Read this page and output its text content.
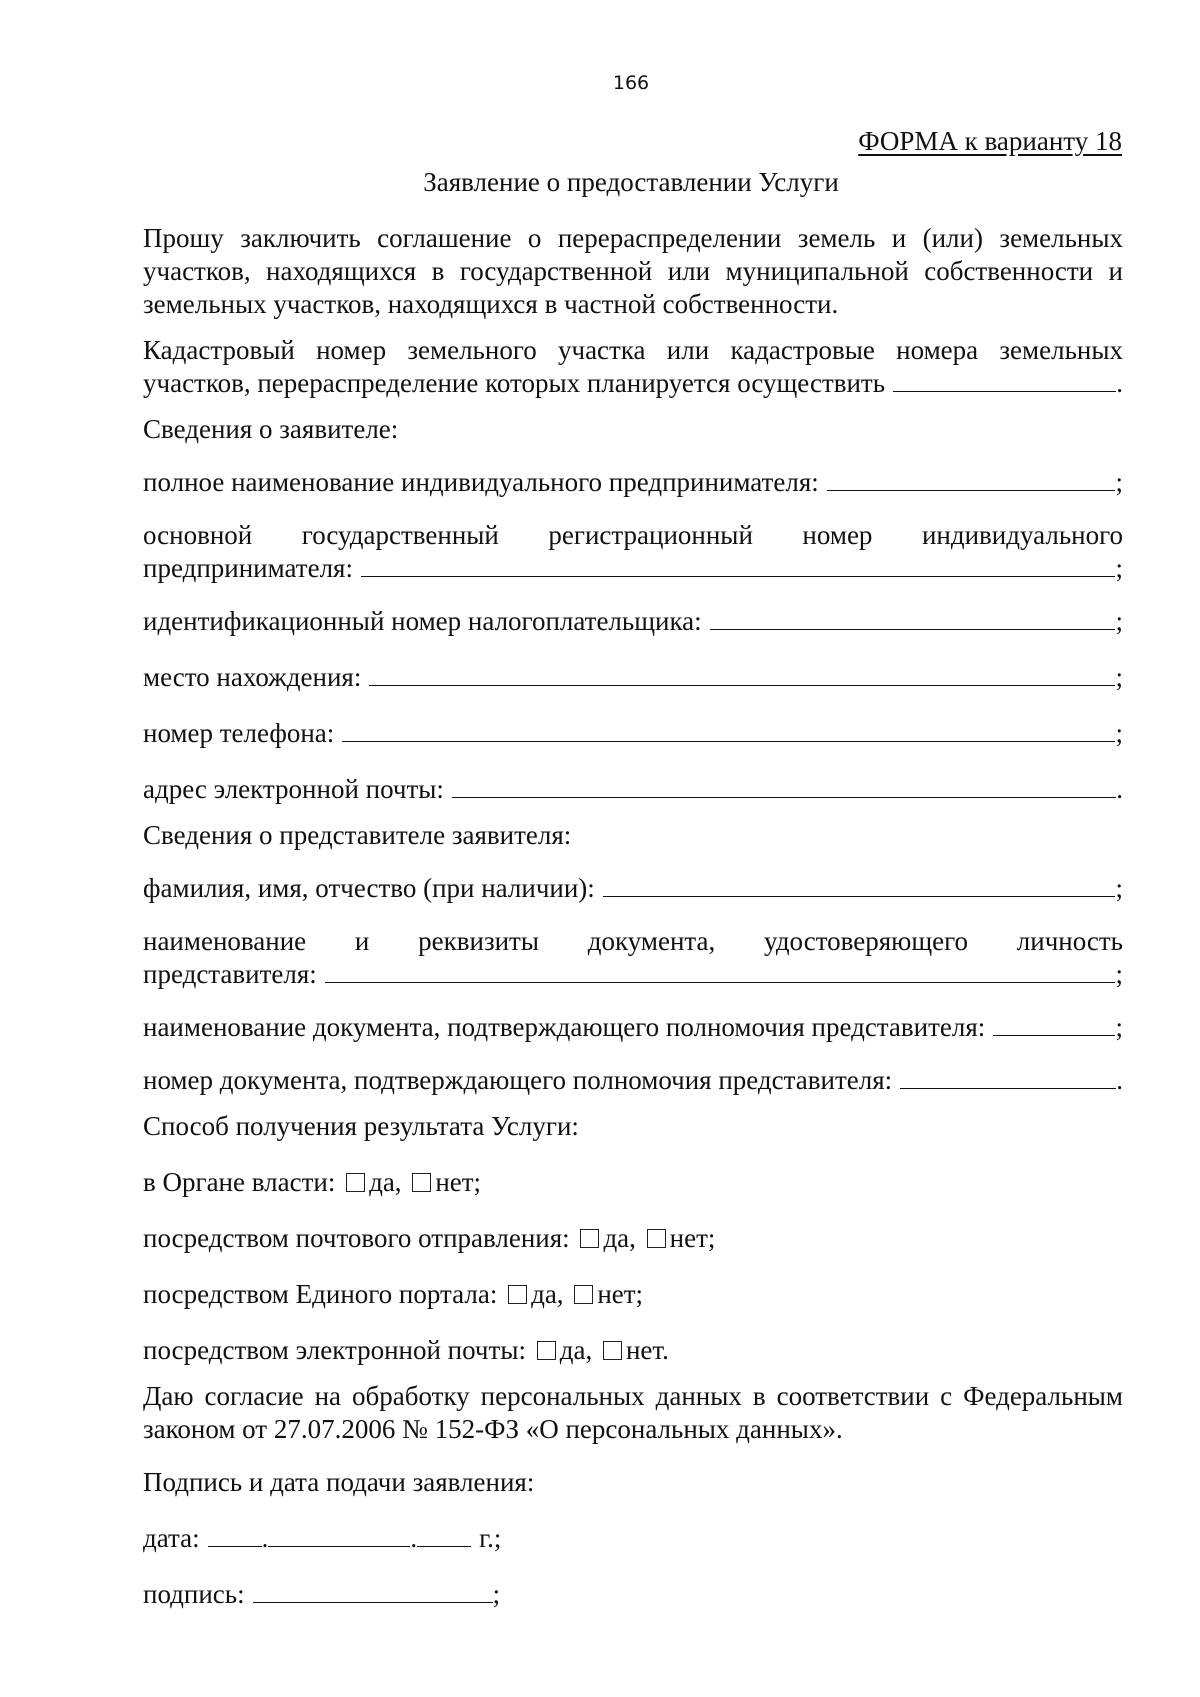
166
ФОРМА к варианту 18
Заявление о предоставлении Услуги

Прошу заключить соглашение о перераспределении земель и (или) земельных участков, находящихся в государственной или муниципальной собственности и земельных участков, находящихся в частной собственности.

Кадастровый номер земельного участка или кадастровые номера земельных
участков, перераспределение которых планируется осуществить	.
Сведения о заявителе:
полное наименование индивидуального предпринимателя:	;
основной государственный регистрационный номер индивидуального
предпринимателя:	;
идентификационный номер налогоплательщика:	;
место нахождения:	;
номер телефона:	;
адрес электронной почты:	.
Сведения о представителе заявителя:
фамилия, имя, отчество (при наличии):	;
наименование и реквизиты документа, удостоверяющего личность
представителя:	;
наименование документа, подтверждающего полномочия представителя:	;
номер документа, подтверждающего полномочия представителя:	.
Способ получения результата Услуги:
в Органе власти: да, нет;
посредством почтового отправления: да, нет;
посредством Единого портала: да, нет;
посредством электронной почты: да, нет.
Даю согласие на обработку персональных данных в соответствии с Федеральным
законом от 27.07.2006 № 152-ФЗ «О персональных данных».
Подпись и дата подачи заявления:
дата: .	. г.;
подпись:	;
